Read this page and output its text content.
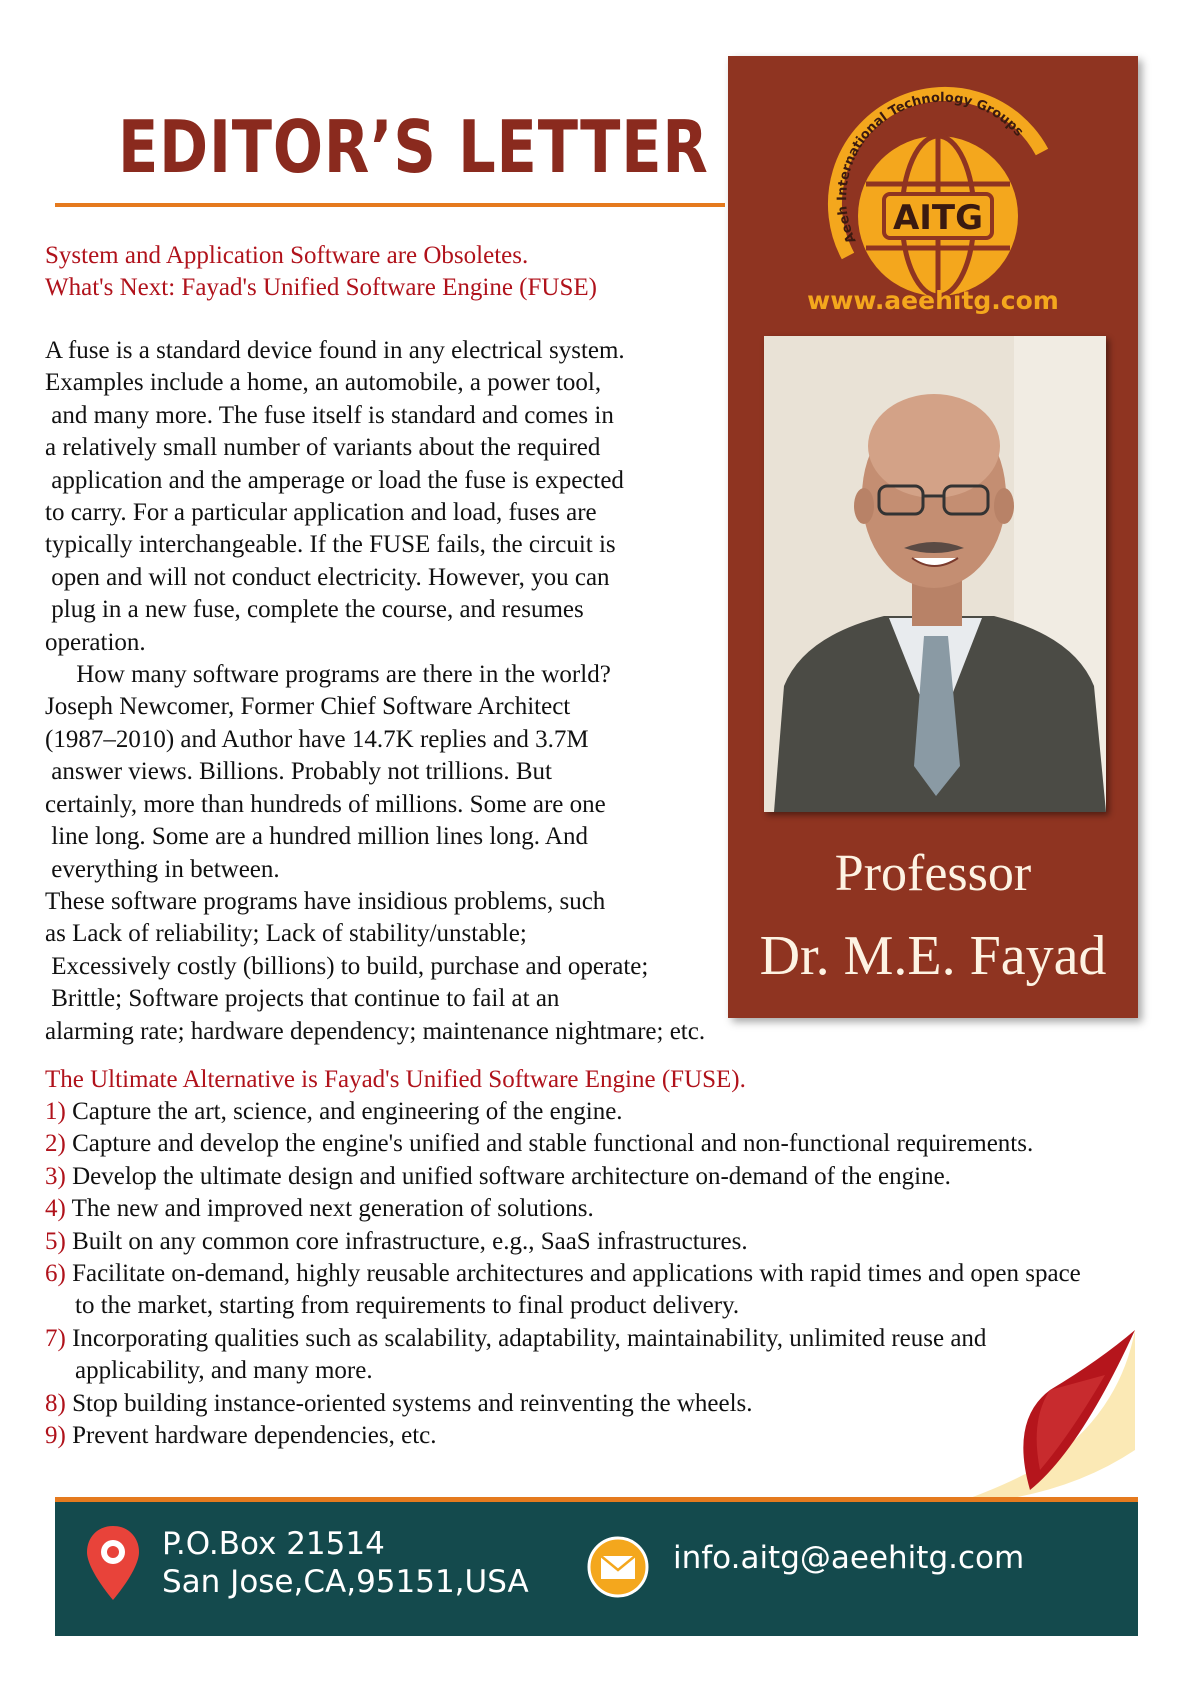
EDITOR’S LETTER
System and Application Software are Obsoletes.
What's Next: Fayad's Unified Software Engine (FUSE)
A fuse is a standard device found in any electrical system.
Examples include a home, an automobile, a power tool,
and many more. The fuse itself is standard and comes in
a relatively small number of variants about the required
application and the amperage or load the fuse is expected
to carry. For a particular application and load, fuses are
typically interchangeable. If the FUSE fails, the circuit is
open and will not conduct electricity. However, you can
plug in a new fuse, complete the course, and resumes
operation.
How many software programs are there in the world?
Joseph Newcomer, Former Chief Software Architect
(1987–2010) and Author have 14.7K replies and 3.7M
answer views. Billions. Probably not trillions. But
certainly, more than hundreds of millions. Some are one
line long. Some are a hundred million lines long. And
everything in between.
These software programs have insidious problems, such
as Lack of reliability; Lack of stability/unstable;
Excessively costly (billions) to build, purchase and operate;
Brittle; Software projects that continue to fail at an
alarming rate; hardware dependency; maintenance nightmare; etc.
AITG
Aeeh International Technology Groups
www.aeehitg.com
Professor
Dr. M.E. Fayad
The Ultimate Alternative is Fayad's Unified Software Engine (FUSE).
1) Capture the art, science, and engineering of the engine.
2) Capture and develop the engine's unified and stable functional and non-functional requirements.
3) Develop the ultimate design and unified software architecture on-demand of the engine.
4) The new and improved next generation of solutions.
5) Built on any common core infrastructure, e.g., SaaS infrastructures.
6) Facilitate on-demand, highly reusable architectures and applications with rapid times and open space to the market, starting from requirements to final product delivery.
7) Incorporating qualities such as scalability, adaptability, maintainability, unlimited reuse and applicability, and many more.
8) Stop building instance-oriented systems and reinventing the wheels.
9) Prevent hardware dependencies, etc.
P.O.Box 21514
San Jose,CA,95151,USA
info.aitg@aeehitg.com
